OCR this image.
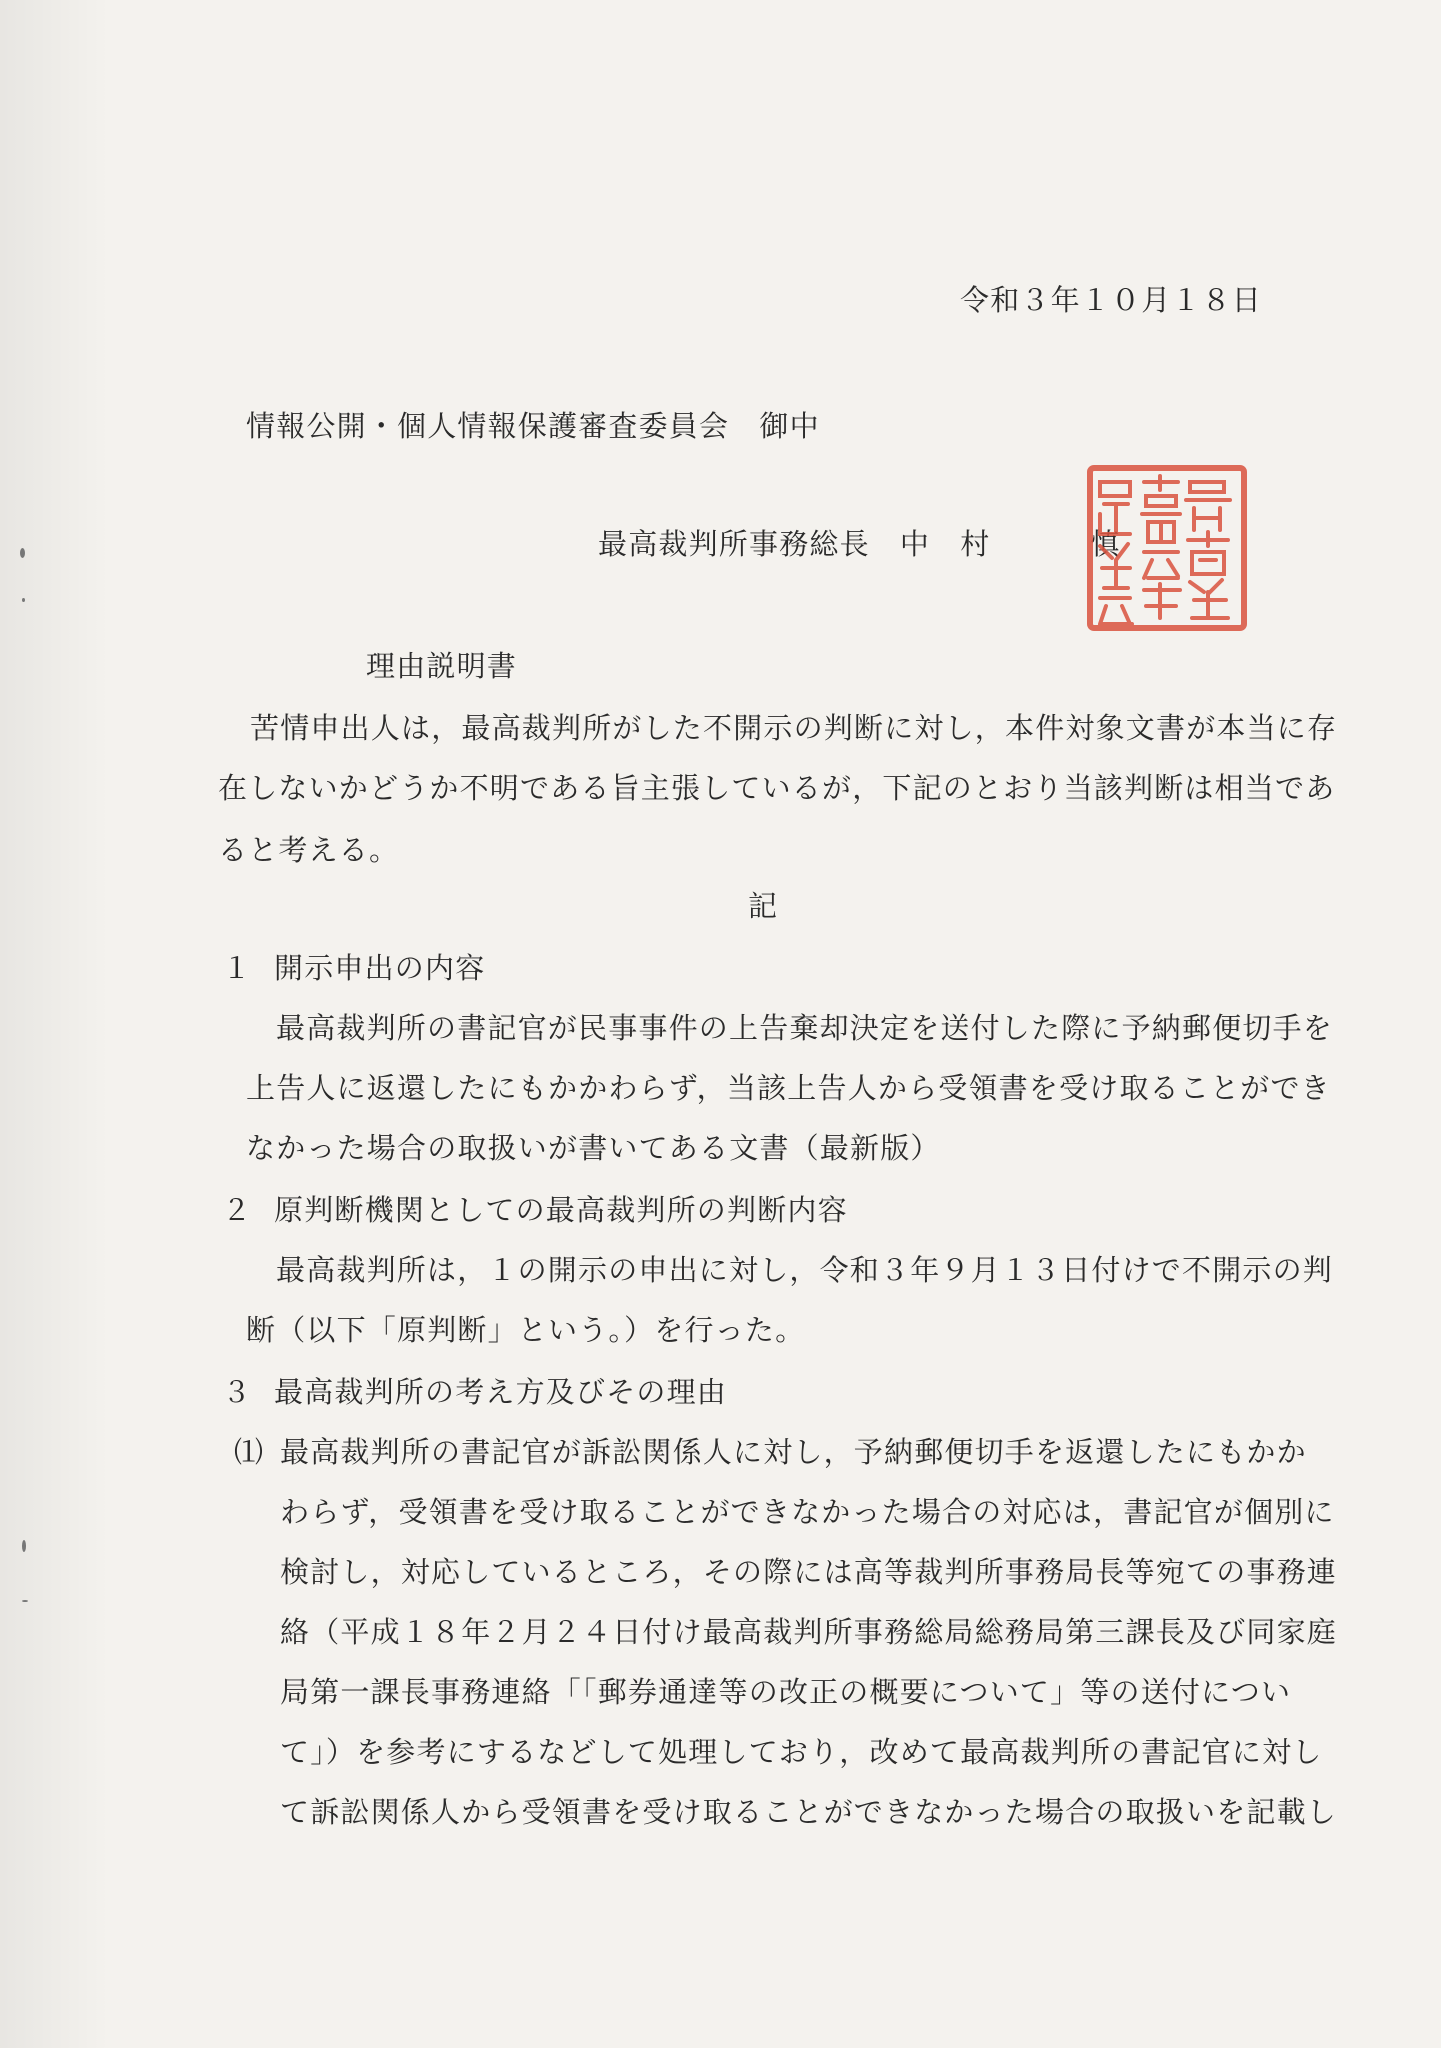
令和３年１０月１８日
情報公開・個人情報保護審査委員会　御中
最高裁判所事務総長 中　村	慎
理由説明書
苦情申出人は，最高裁判所がした不開示の判断に対し，本件対象文書が本当に存
在しないかどうか不明である旨主張しているが，下記のとおり当該判断は相当であ
ると考える。
記
１ 開示申出の内容
最高裁判所の書記官が民事事件の上告棄却決定を送付した際に予納郵便切手を
上告人に返還したにもかかわらず，当該上告人から受領書を受け取ることができ
なかった場合の取扱いが書いてある文書（最新版）
２ 原判断機関としての最高裁判所の判断内容
最高裁判所は，１の開示の申出に対し，令和３年９月１３日付けで不開示の判
断（以下「原判断」という。）を行った。
３ 最高裁判所の考え方及びその理由
⑴ 最高裁判所の書記官が訴訟関係人に対し，予納郵便切手を返還したにもかか
わらず，受領書を受け取ることができなかった場合の対応は，書記官が個別に
検討し，対応しているところ，その際には高等裁判所事務局長等宛ての事務連
絡（平成１８年２月２４日付け最高裁判所事務総局総務局第三課長及び同家庭
局第一課長事務連絡「「郵券通達等の改正の概要について」等の送付につい
て」）を参考にするなどして処理しており，改めて最高裁判所の書記官に対し
て訴訟関係人から受領書を受け取ることができなかった場合の取扱いを記載し
